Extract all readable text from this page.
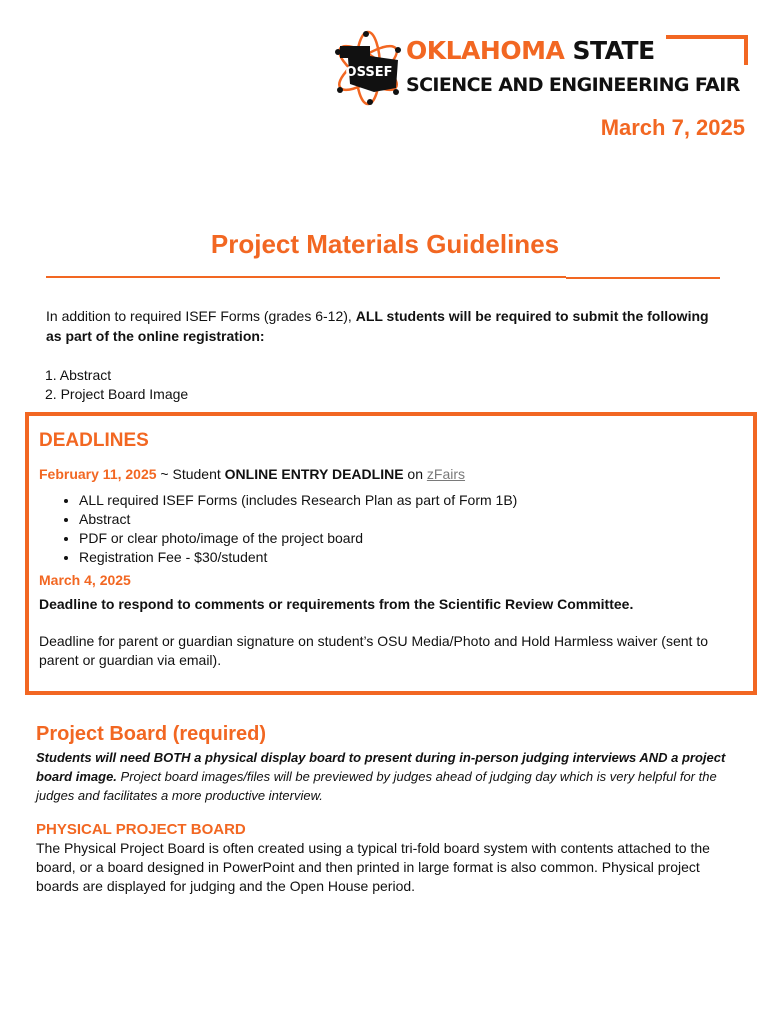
OSSEF
OKLAHOMA STATE
SCIENCE AND ENGINEERING FAIR
March 7, 2025
Project Materials Guidelines

In addition to required ISEF Forms (grades 6-12), ALL students will be required to submit the following as part of the online registration:

1. Abstract
2. Project Board Image
DEADLINES
February 11, 2025 ~ Student ONLINE ENTRY DEADLINE on zFairs
• ALL required ISEF Forms (includes Research Plan as part of Form 1B)
• Abstract
• PDF or clear photo/image of the project board
• Registration Fee - $30/student
March 4, 2025
Deadline to respond to comments or requirements from the Scientific Review Committee.

Deadline for parent or guardian signature on student’s OSU Media/Photo and Hold Harmless waiver (sent to parent or guardian via email).

Project Board (required)

Students will need BOTH a physical display board to present during in-person judging interviews AND a project board image. Project board images/files will be previewed by judges ahead of judging day which is very helpful for the judges and facilitates a more productive interview.

PHYSICAL PROJECT BOARD

The Physical Project Board is often created using a typical tri-fold board system with contents attached to the board, or a board designed in PowerPoint and then printed in large format is also common. Physical project boards are displayed for judging and the Open House period.
